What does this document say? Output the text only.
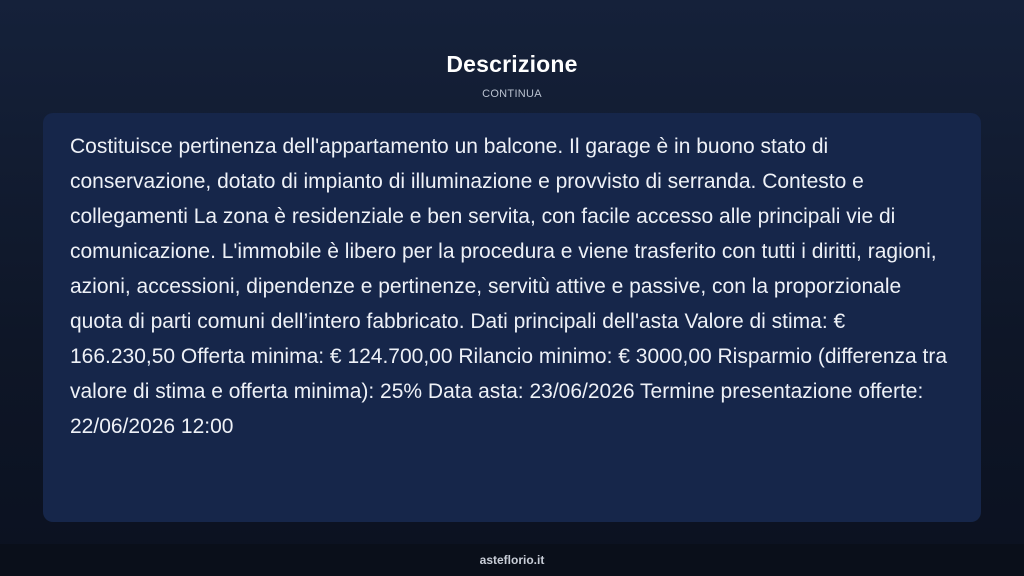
Descrizione
CONTINUA

Costituisce pertinenza dell'appartamento un balcone. Il garage è in buono stato di conservazione, dotato di impianto di illuminazione e provvisto di serranda. Contesto e collegamenti La zona è residenziale e ben servita, con facile accesso alle principali vie di comunicazione. L'immobile è libero per la procedura e viene trasferito con tutti i diritti, ragioni, azioni, accessioni, dipendenze e pertinenze, servitù attive e passive, con la proporzionale quota di parti comuni dell’intero fabbricato. Dati principali dell'asta Valore di stima: € 166.230,50 Offerta minima: € 124.700,00 Rilancio minimo: € 3000,00 Risparmio (differenza tra valore di stima e offerta minima): 25% Data asta: 23/06/2026 Termine presentazione offerte: 22/06/2026 12:00

asteflorio.it
